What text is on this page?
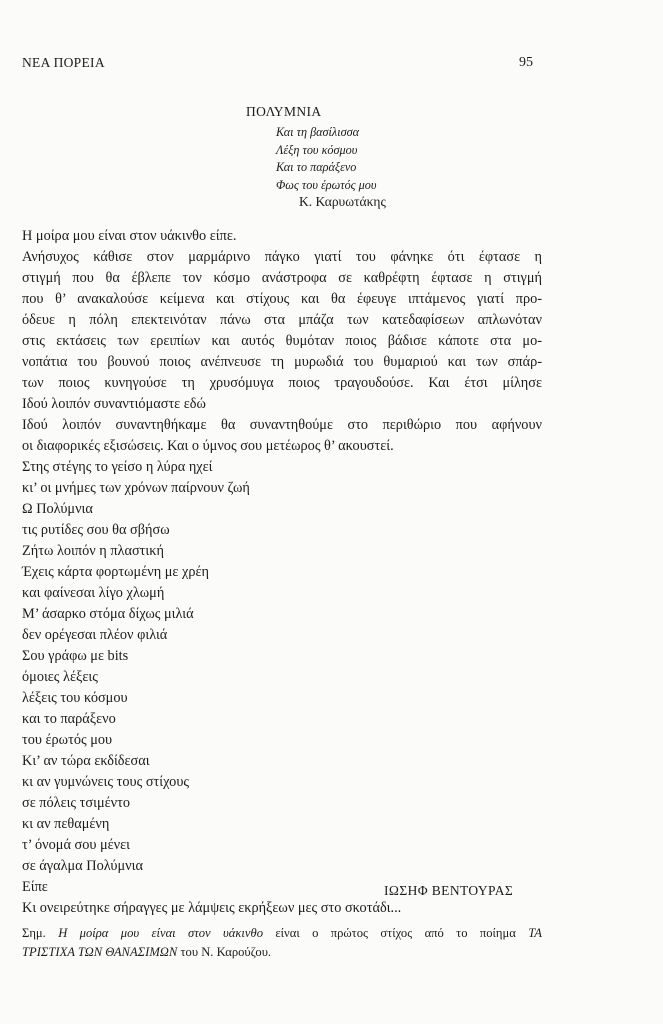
ΝΕΑ ΠΟΡΕΙΑ	95
ΠΟΛΥΜΝΙΑ
Και τη βασίλισσα
Λέξη του κόσμου
Και το παράξενο
Φως του έρωτός μου
Κ. Καρυωτάκης
Η μοίρα μου είναι στον υάκινθο είπε.
Ανήσυχος κάθισε στον μαρμάρινο πάγκο γιατί του φάνηκε ότι έφτασε η
στιγμή που θα έβλεπε τον κόσμο ανάστροφα σε καθρέφτη έφτασε η στιγμή
που θ’ ανακαλούσε κείμενα και στίχους και θα έφευγε ιπτάμενος γιατί προ-
όδευε η πόλη επεκτεινόταν πάνω στα μπάζα των κατεδαφίσεων απλωνόταν
στις εκτάσεις των ερειπίων και αυτός θυμόταν ποιος βάδισε κάποτε στα μο-
νοπάτια του βουνού ποιος ανέπνευσε τη μυρωδιά του θυμαριού και των σπάρ-
των ποιος κυνηγούσε τη χρυσόμυγα ποιος τραγουδούσε. Και έτσι μίλησε
Ιδού λοιπόν συναντιόμαστε εδώ
Ιδού λοιπόν συναντηθήκαμε θα συναντηθούμε στο περιθώριο που αφήνουν
οι διαφορικές εξισώσεις. Και ο ύμνος σου μετέωρος θ’ ακουστεί.
Στης στέγης το γείσο η λύρα ηχεί
κι’ οι μνήμες των χρόνων παίρνουν ζωή
Ω Πολύμνια
τις ρυτίδες σου θα σβήσω
Ζήτω λοιπόν η πλαστική
Έχεις κάρτα φορτωμένη με χρέη
και φαίνεσαι λίγο χλωμή
Μ’ άσαρκο στόμα δίχως μιλιά
δεν ορέγεσαι πλέον φιλιά
Σου γράφω με bits
όμοιες λέξεις
λέξεις του κόσμου
και το παράξενο
του έρωτός μου
Κι’ αν τώρα εκδίδεσαι
κι αν γυμνώνεις τους στίχους
σε πόλεις τσιμέντο
κι αν πεθαμένη
τ’ όνομά σου μένει
σε άγαλμα Πολύμνια
Είπε
Κι ονειρεύτηκε σήραγγες με λάμψεις εκρήξεων μες στο σκοτάδι...
ΙΩΣΗΦ ΒΕΝΤΟΥΡΑΣ
Σημ. Η μοίρα μου είναι στον υάκινθο είναι ο πρώτος στίχος από το ποίημα ΤΑ
ΤΡΙΣΤΙΧΑ ΤΩΝ ΘΑΝΑΣΙΜΩΝ του Ν. Καρούζου.
